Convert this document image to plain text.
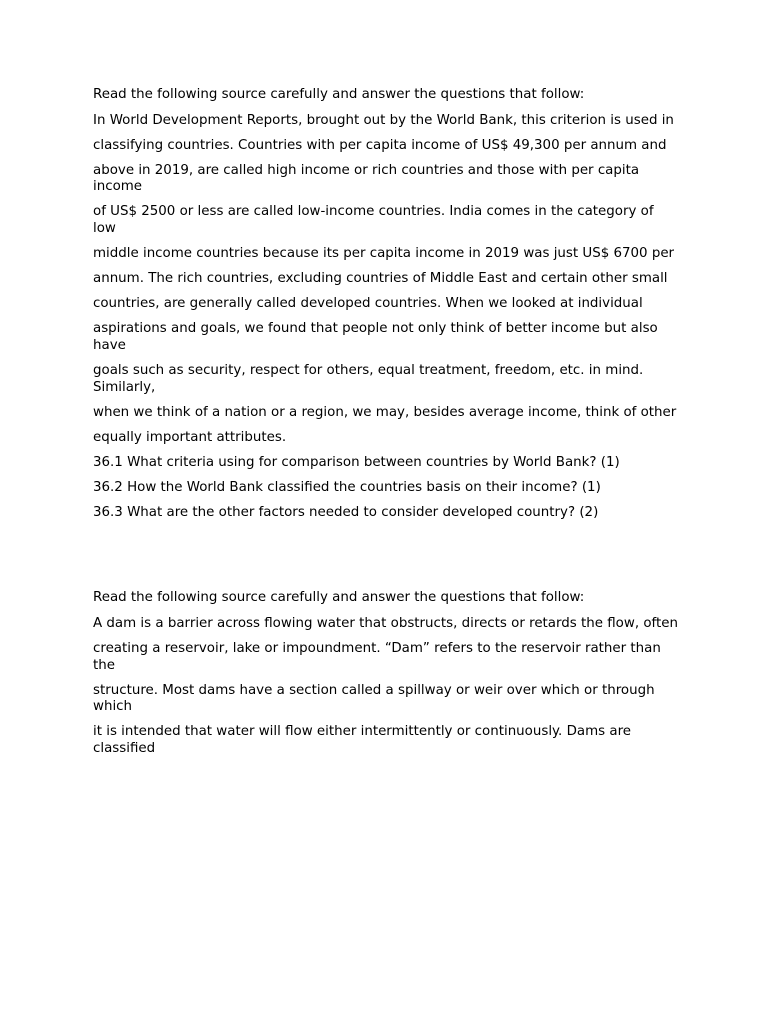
Read the following source carefully and answer the questions that follow:

In World Development Reports, brought out by the World Bank, this criterion is used in

classifying countries. Countries with per capita income of US$ 49,300 per annum and

above in 2019, are called high income or rich countries and those with per capita income

of US$ 2500 or less are called low-income countries. India comes in the category of low

middle income countries because its per capita income in 2019 was just US$ 6700 per

annum. The rich countries, excluding countries of Middle East and certain other small

countries, are generally called developed countries. When we looked at individual

aspirations and goals, we found that people not only think of better income but also have

goals such as security, respect for others, equal treatment, freedom, etc. in mind. Similarly,

when we think of a nation or a region, we may, besides average income, think of other

equally important attributes.

36.1 What criteria using for comparison between countries by World Bank? (1)

36.2 How the World Bank classified the countries basis on their income? (1)

36.3 What are the other factors needed to consider developed country? (2)

Read the following source carefully and answer the questions that follow:

A dam is a barrier across flowing water that obstructs, directs or retards the flow, often

creating a reservoir, lake or impoundment. “Dam” refers to the reservoir rather than the

structure. Most dams have a section called a spillway or weir over which or through which

it is intended that water will flow either intermittently or continuously. Dams are classified
